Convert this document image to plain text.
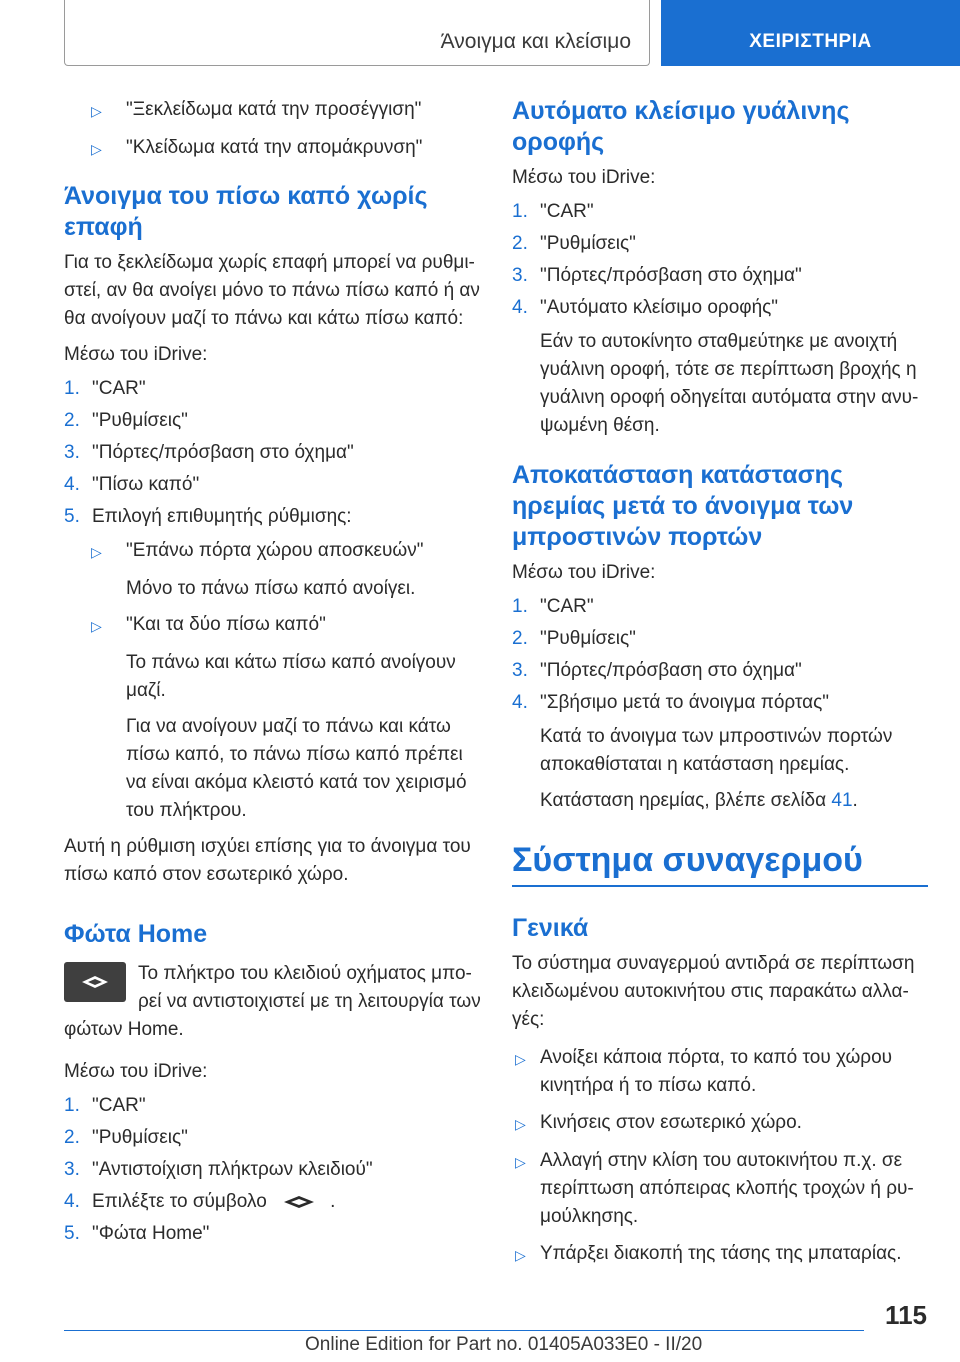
Άνοιγμα και κλείσιμο	ΧΕΙΡΙΣΤΗΡΙΑ
▷	"Ξεκλείδωμα κατά την προσέγγιση"
▷	"Κλείδωμα κατά την απομάκρυνση"
Άνοιγμα του πίσω καπό χωρίς επαφή

Για το ξεκλείδωμα χωρίς επαφή μπορεί να ρυθμι-στεί, αν θα ανοίγει μόνο το πάνω πίσω καπό ή αν θα ανοίγουν μαζί το πάνω και κάτω πίσω καπό:

Μέσω του iDrive:

1. "CAR"
2. "Ρυθμίσεις"
3. "Πόρτες/πρόσβαση στο όχημα"
4. "Πίσω καπό"
5. Επιλογή επιθυμητής ρύθμισης:
▷	"Επάνω πόρτα χώρου αποσκευών"

Μόνο το πάνω πίσω καπό ανοίγει.

▷	"Και τα δύο πίσω καπό"

Το πάνω και κάτω πίσω καπό ανοίγουν μαζί.

Για να ανοίγουν μαζί το πάνω και κάτω πίσω καπό, το πάνω πίσω καπό πρέπει να είναι ακόμα κλειστό κατά τον χειρισμό του πλήκτρου.

Αυτή η ρύθμιση ισχύει επίσης για το άνοιγμα του πίσω καπό στον εσωτερικό χώρο.

Φώτα Home

Το πλήκτρο του κλειδιού οχήματος μπο-ρεί να αντιστοιχιστεί με τη λειτουργία των φώτων Home.

Μέσω του iDrive:

1. "CAR"
2. "Ρυθμίσεις"
3. "Αντιστοίχιση πλήκτρων κλειδιού"
4. Επιλέξτε το σύμβολο	.
5. "Φώτα Home"
Αυτόματο κλείσιμο γυάλινης οροφής

Μέσω του iDrive:

1. "CAR"
2. "Ρυθμίσεις"
3. "Πόρτες/πρόσβαση στο όχημα"
4. "Αυτόματο κλείσιμο οροφής"

Εάν το αυτοκίνητο σταθμεύτηκε με ανοιχτή γυάλινη οροφή, τότε σε περίπτωση βροχής η γυάλινη οροφή οδηγείται αυτόματα στην ανυ-ψωμένη θέση.

Αποκατάσταση κατάστασης ηρεμίας μετά το άνοιγμα των μπροστινών πορτών

Μέσω του iDrive:

1. "CAR"
2. "Ρυθμίσεις"
3. "Πόρτες/πρόσβαση στο όχημα"
4. "Σβήσιμο μετά το άνοιγμα πόρτας"

Κατά το άνοιγμα των μπροστινών πορτών αποκαθίσταται η κατάσταση ηρεμίας.

Κατάσταση ηρεμίας, βλέπε σελίδα 41.

Σύστημα συναγερμού
Γενικά

Το σύστημα συναγερμού αντιδρά σε περίπτωση κλειδωμένου αυτοκινήτου στις παρακάτω αλλα-γές:

▷ Ανοίξει κάποια πόρτα, το καπό του χώρου κινητήρα ή το πίσω καπό.
▷ Κινήσεις στον εσωτερικό χώρο.
▷ Αλλαγή στην κλίση του αυτοκινήτου π.χ. σε περίπτωση απόπειρας κλοπής τροχών ή ρυ-μούλκησης.
▷ Υπάρξει διακοπή της τάσης της μπαταρίας.
115
Online Edition for Part no. 01405A033E0 - II/20
